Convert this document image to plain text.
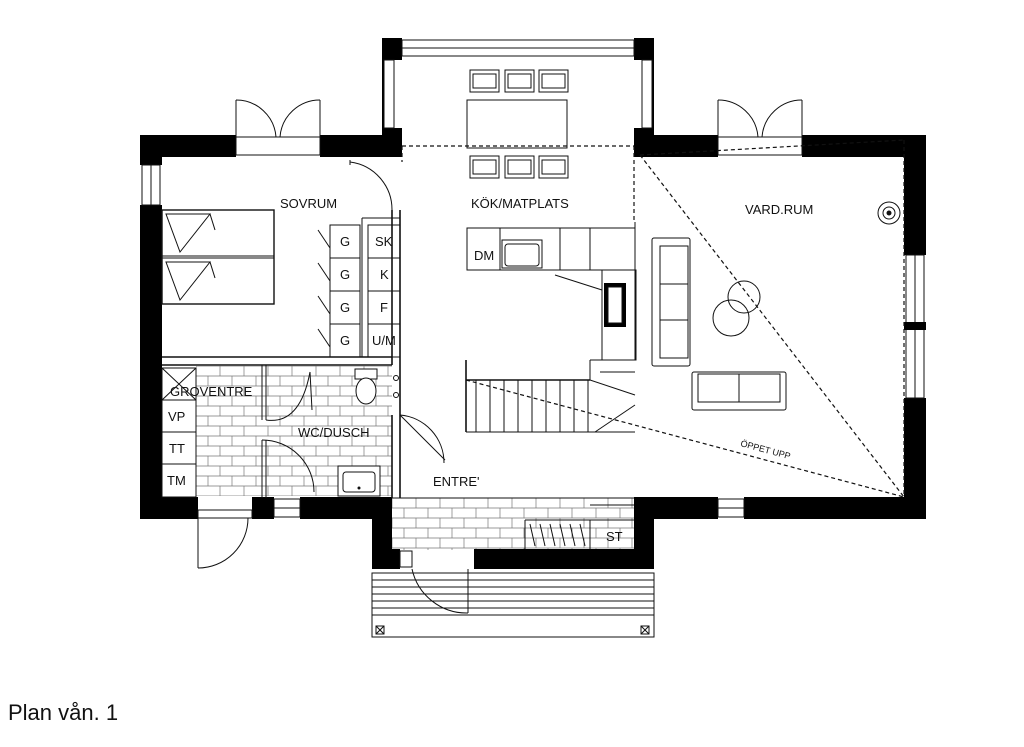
SOVRUM	KÖK/MATPLATS	VARD.RUM
GROVENTRE
WC/DUSCH
ENTRE'
G
G
G
G
SK
K
F
U/M
VP
TT
TM
DM
ST
ÖPPET UPP
Plan vån. 1
